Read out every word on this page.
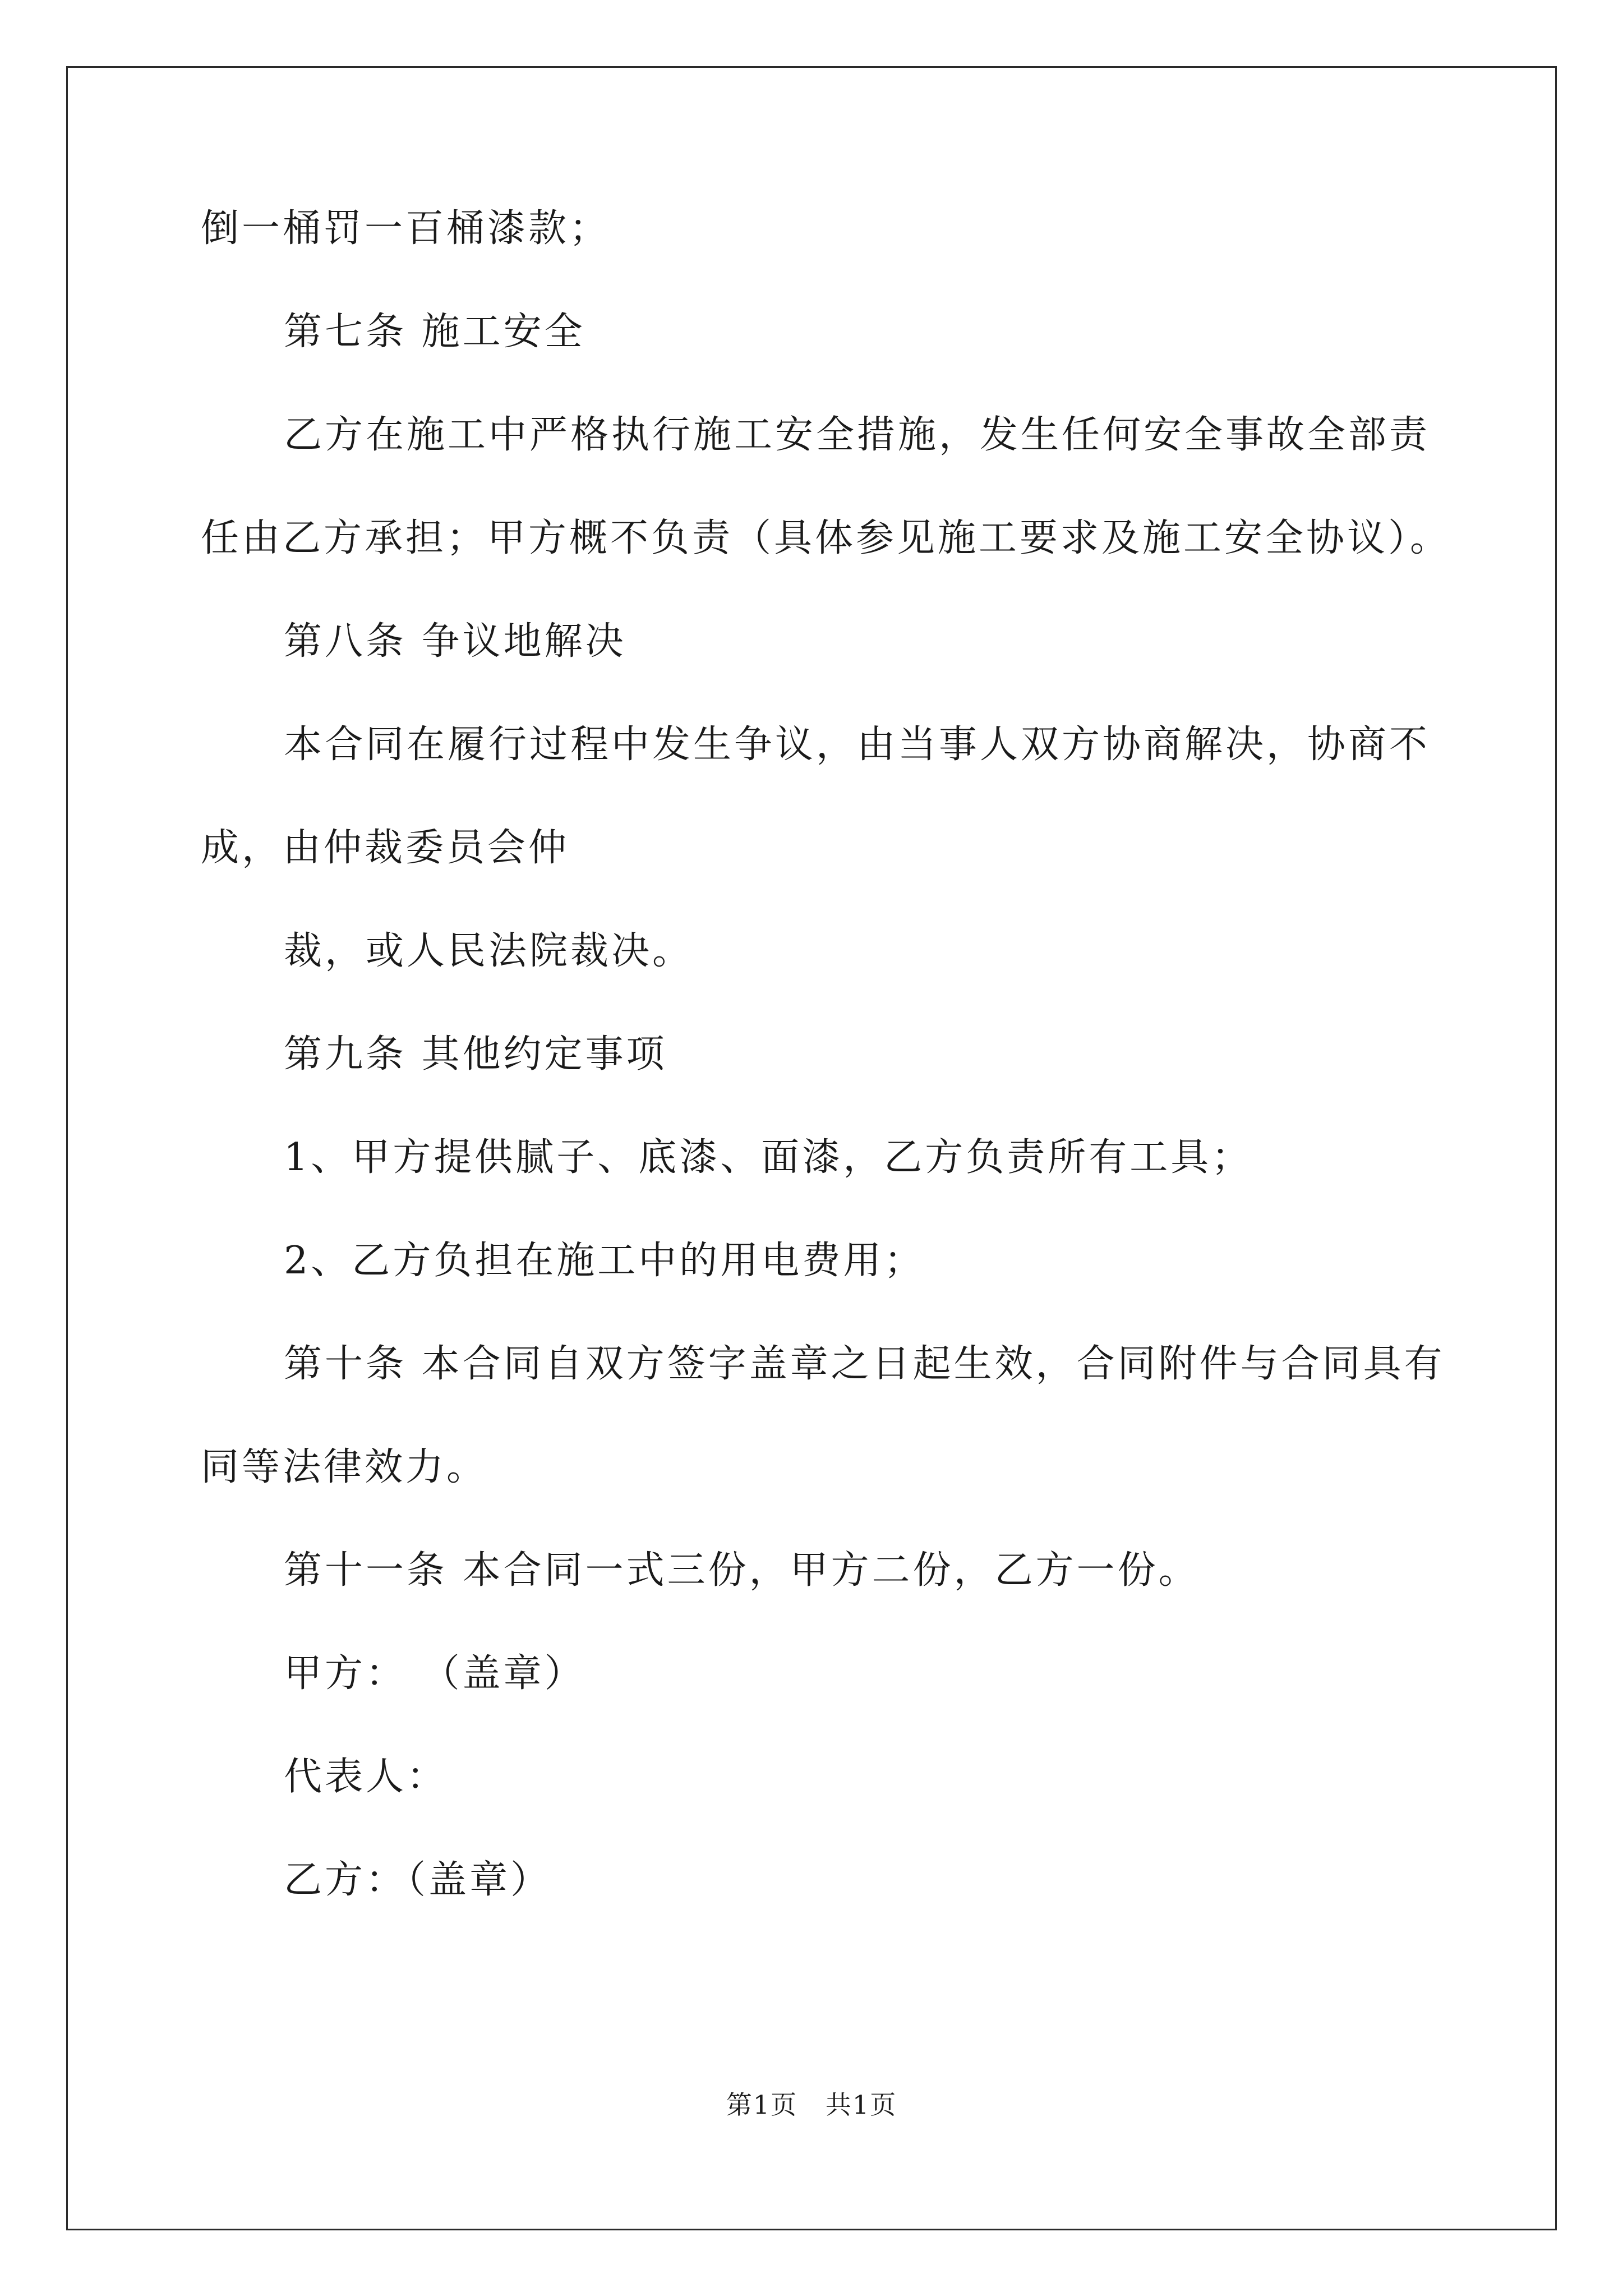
倒一桶罚一百桶漆款；
第七条 施工安全
乙方在施工中严格执行施工安全措施，发生任何安全事故全部责
任由乙方承担；甲方概不负责（具体参见施工要求及施工安全协议）。
第八条 争议地解决
本合同在履行过程中发生争议，由当事人双方协商解决，协商不
成，由仲裁委员会仲
裁，或人民法院裁决。
第九条 其他约定事项
1、甲方提供腻子、底漆、面漆，乙方负责所有工具；
2、乙方负担在施工中的用电费用；
第十条 本合同自双方签字盖章之日起生效，合同附件与合同具有
同等法律效力。
第十一条 本合同一式三份，甲方二份，乙方一份。
甲方： （盖章）
代表人：
乙方：（盖章）
第1页   共1页
